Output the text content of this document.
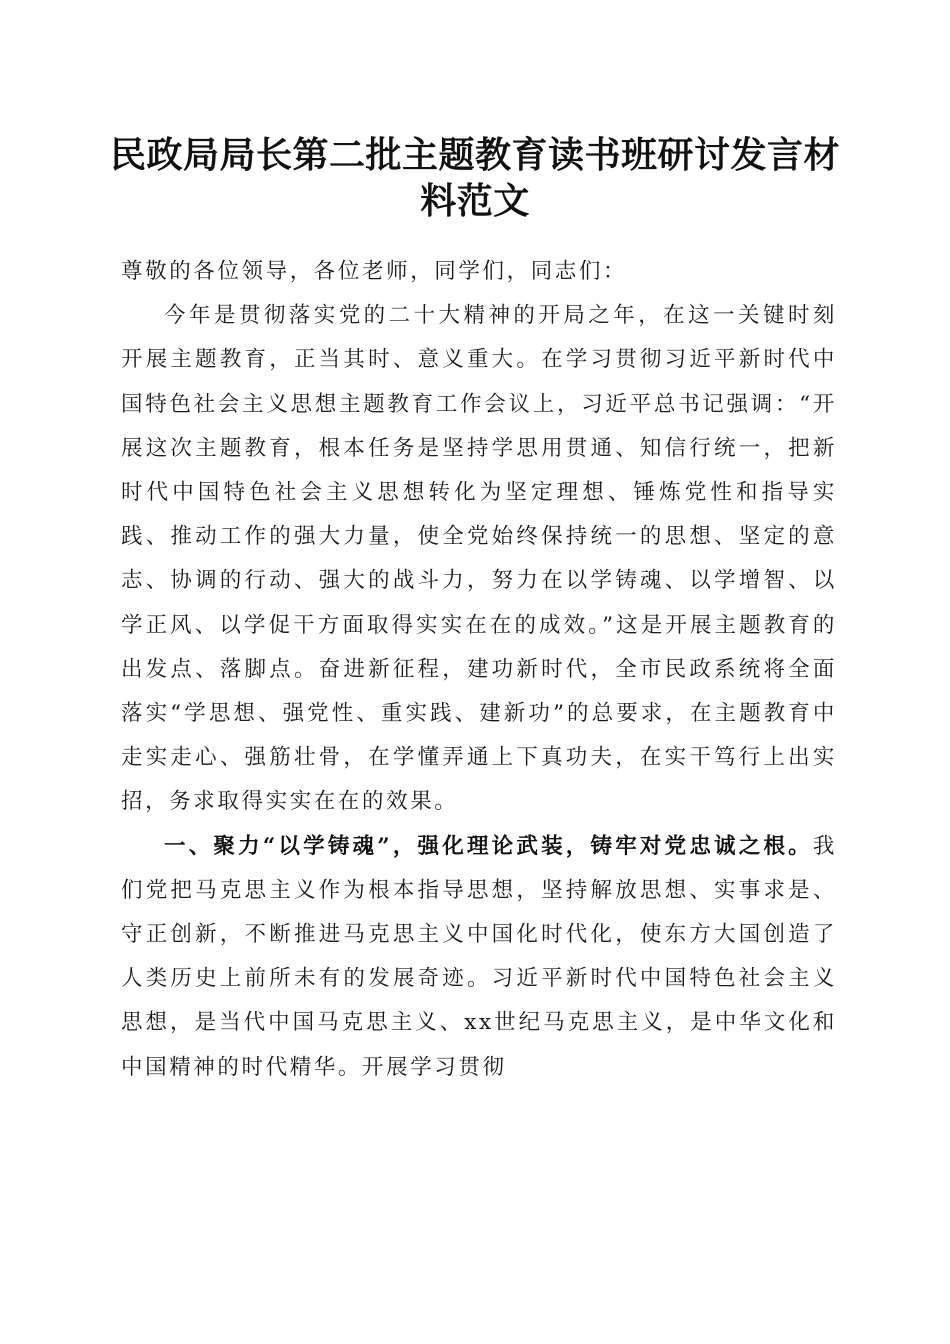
民政局局长第二批主题教育读书班研讨发言材
料范文

尊敬的各位领导，各位老师，同学们，同志们：

今年是贯彻落实党的二十大精神的开局之年，在这一关键时刻开展主题教育，正当其时、意义重大。在学习贯彻习近平新时代中国特色社会主义思想主题教育工作会议上，习近平总书记强调：“开展这次主题教育，根本任务是坚持学思用贯通、知信行统一，把新时代中国特色社会主义思想转化为坚定理想、锤炼党性和指导实践、推动工作的强大力量，使全党始终保持统一的思想、坚定的意志、协调的行动、强大的战斗力，努力在以学铸魂、以学增智、以学正风、以学促干方面取得实实在在的成效。”这是开展主题教育的出发点、落脚点。奋进新征程，建功新时代，全市民政系统将全面落实“学思想、强党性、重实践、建新功”的总要求，在主题教育中走实走心、强筋壮骨，在学懂弄通上下真功夫，在实干笃行上出实招，务求取得实实在在的效果。

一、聚力“以学铸魂”，强化理论武装，铸牢对党忠诚之根。我们党把马克思主义作为根本指导思想，坚持解放思想、实事求是、守正创新，不断推进马克思主义中国化时代化，使东方大国创造了人类历史上前所未有的发展奇迹。习近平新时代中国特色社会主义思想，是当代中国马克思主义、xx世纪马克思主义，是中华文化和中国精神的时代精华。开展学习贯彻
